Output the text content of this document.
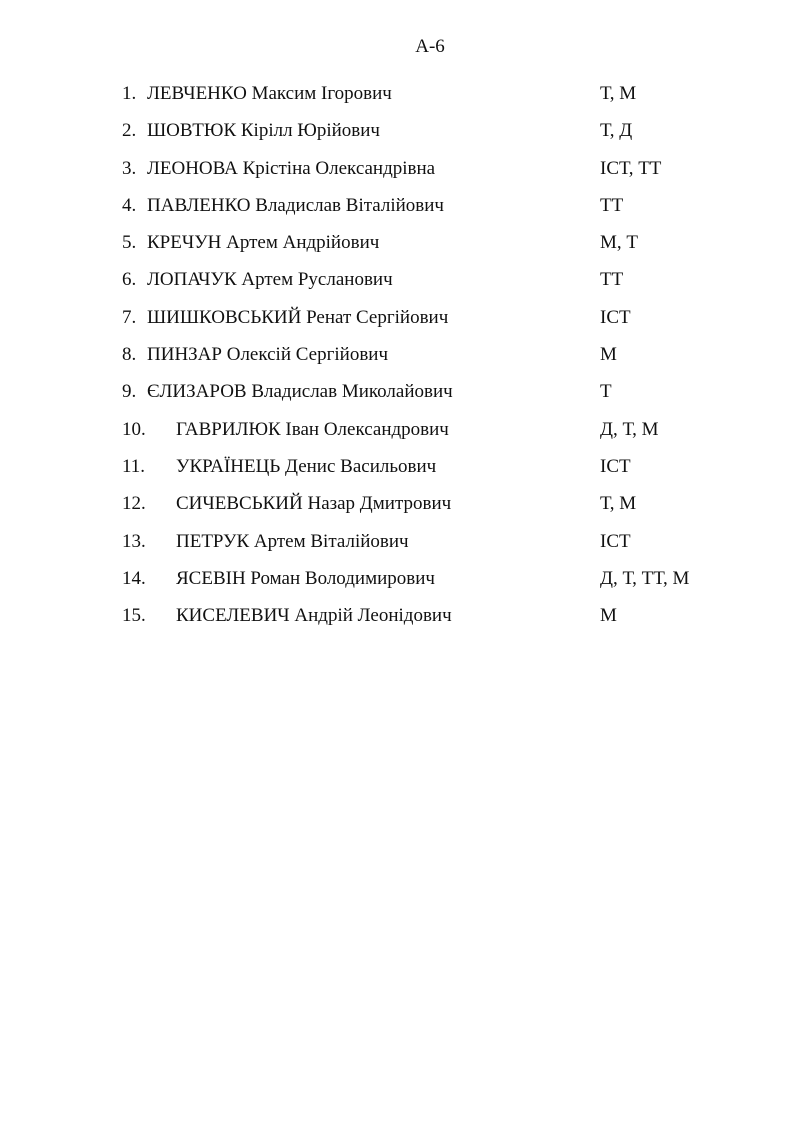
А-6
1. ЛЕВЧЕНКО Максим Ігорович	Т, М
2. ШОВТЮК Кірілл Юрійович	Т, Д
3. ЛЕОНОВА Крістіна Олександрівна	ІСТ, ТТ
4. ПАВЛЕНКО Владислав Віталійович	ТТ
5. КРЕЧУН Артем Андрійович	М, Т
6. ЛОПАЧУК Артем Русланович	ТТ
7. ШИШКОВСЬКИЙ Ренат Сергійович	ІСТ
8. ПИНЗАР Олексій Сергійович	М
9. ЄЛИЗАРОВ Владислав Миколайович	Т
10. ГАВРИЛЮК Іван Олександрович	Д, Т, М
11. УКРАЇНЕЦЬ Денис Васильович	ІСТ
12. СИЧЕВСЬКИЙ Назар Дмитрович	Т, М
13. ПЕТРУК Артем Віталійович	ІСТ
14. ЯСЕВІН Роман Володимирович	Д, Т, ТТ, М
15. КИСЕЛЕВИЧ Андрій Леонідович	М
